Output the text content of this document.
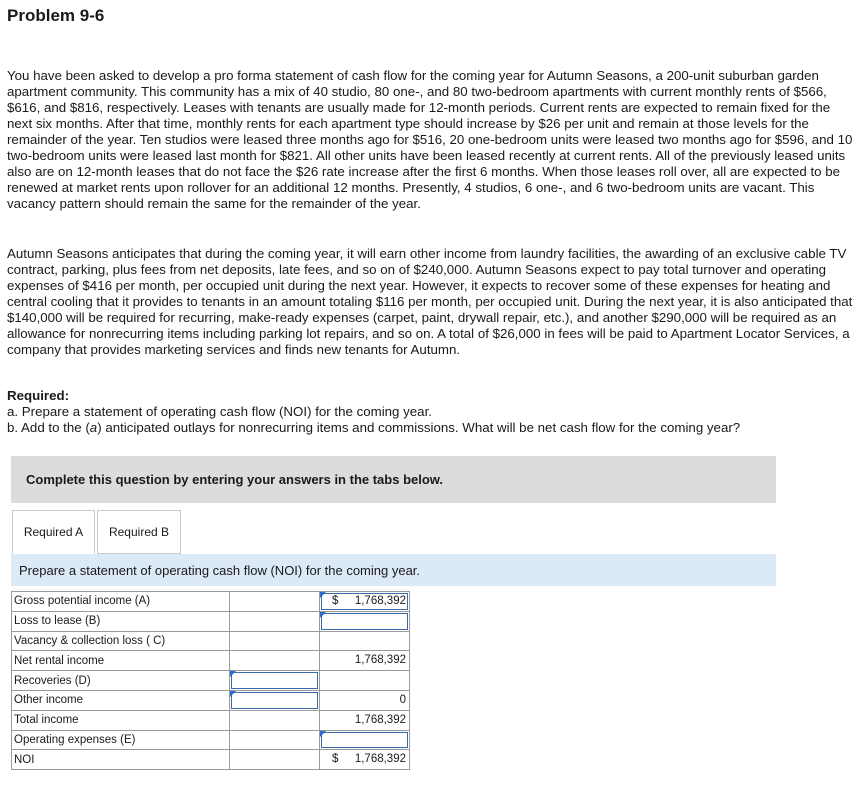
Problem 9-6

You have been asked to develop a pro forma statement of cash flow for the coming year for Autumn Seasons, a 200-unit suburban garden apartment community. This community has a mix of 40 studio, 80 one-, and 80 two-bedroom apartments with current monthly rents of $566, $616, and $816, respectively. Leases with tenants are usually made for 12-month periods. Current rents are expected to remain fixed for the next six months. After that time, monthly rents for each apartment type should increase by $26 per unit and remain at those levels for the remainder of the year. Ten studios were leased three months ago for $516, 20 one-bedroom units were leased two months ago for $596, and 10 two-bedroom units were leased last month for $821. All other units have been leased recently at current rents. All of the previously leased units also are on 12-month leases that do not face the $26 rate increase after the first 6 months. When those leases roll over, all are expected to be renewed at market rents upon rollover for an additional 12 months. Presently, 4 studios, 6 one-, and 6 two-bedroom units are vacant. This vacancy pattern should remain the same for the remainder of the year.

Autumn Seasons anticipates that during the coming year, it will earn other income from laundry facilities, the awarding of an exclusive cable TV contract, parking, plus fees from net deposits, late fees, and so on of $240,000. Autumn Seasons expect to pay total turnover and operating expenses of $416 per month, per occupied unit during the next year. However, it expects to recover some of these expenses for heating and central cooling that it provides to tenants in an amount totaling $116 per month, per occupied unit. During the next year, it is also anticipated that $140,000 will be required for recurring, make-ready expenses (carpet, paint, drywall repair, etc.), and another $290,000 will be required as an allowance for nonrecurring items including parking lot repairs, and so on. A total of $26,000 in fees will be paid to Apartment Locator Services, a company that provides marketing services and finds new tenants for Autumn.

Required:
a. Prepare a statement of operating cash flow (NOI) for the coming year.
b. Add to the (a) anticipated outlays for nonrecurring items and commissions. What will be net cash flow for the coming year?
Complete this question by entering your answers in the tabs below.
Required A	Required B
Prepare a statement of operating cash flow (NOI) for the coming year.
Gross potential income (A)		$ 1,768,392

Loss to lease (B)		

Vacancy & collection loss ( C)		
Net rental income		1,768,392

Recoveries (D)	

Other income		0

Total income		1,768,392

Operating expenses (E)		

NOI		$ 1,768,392
